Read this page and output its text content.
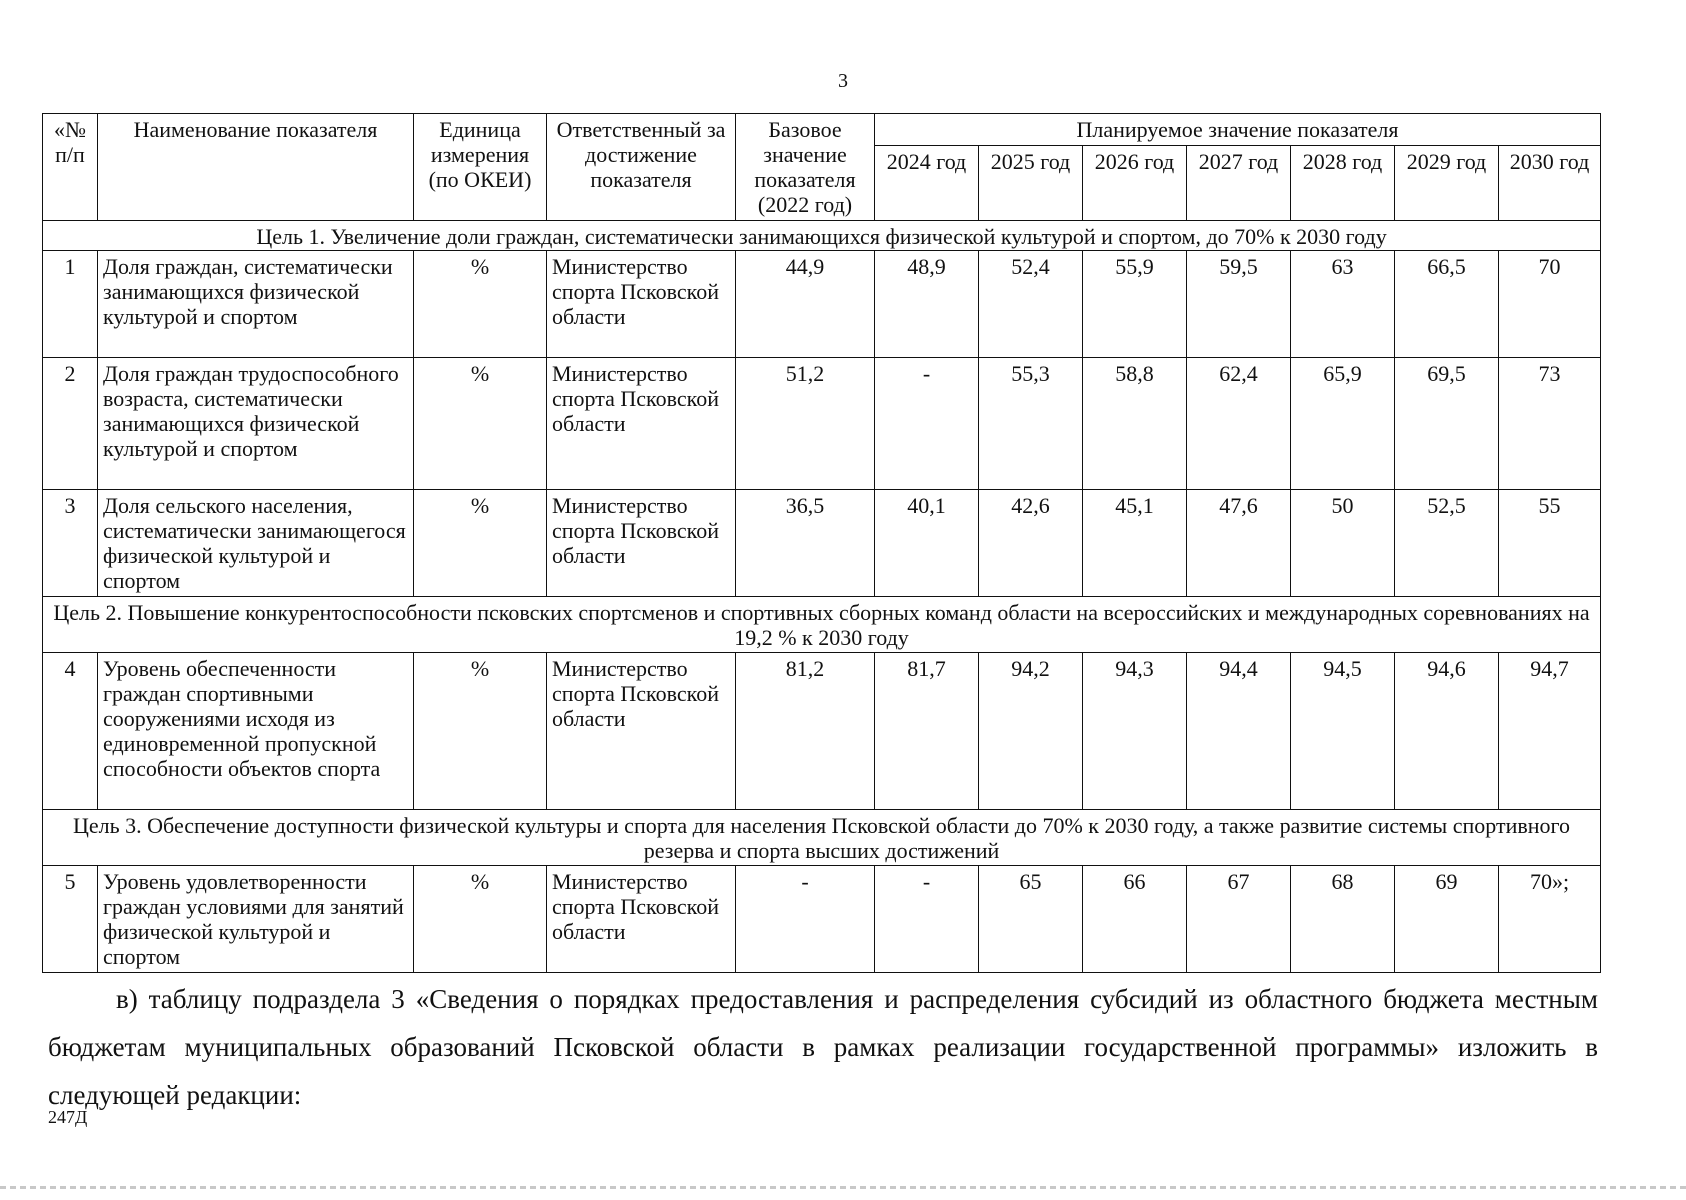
3
«№ п/п	Наименование показателя	Единица измерения (по ОКЕИ)	Ответственный за достижение показателя	Базовое значение показателя (2022 год)	Планируемое значение показателя						
					2024 год	2025 год	2026 год	2027 год	2028 год	2029 год	2030 год
Цель 1. Увеличение доли граждан, систематически занимающихся физической культурой и спортом, до 70% к 2030 году											
1	Доля граждан, систематически занимающихся физической культурой и спортом	%	Министерство спорта Псковской области	44,9	48,9	52,4	55,9	59,5	63	66,5	70
2	Доля граждан трудоспособного возраста, систематически занимающихся физической культурой и спортом	%	Министерство спорта Псковской области	51,2	-	55,3	58,8	62,4	65,9	69,5	73
3	Доля сельского населения, систематически занимающегося физической культурой и спортом	%	Министерство спорта Псковской области	36,5	40,1	42,6	45,1	47,6	50	52,5	55
Цель 2. Повышение конкурентоспособности псковских спортсменов и спортивных сборных команд области на всероссийских и международных соревнованиях на 19,2 % к 2030 году											
4	Уровень обеспеченности граждан спортивными сооружениями исходя из единовременной пропускной способности объектов спорта	%	Министерство спорта Псковской области	81,2	81,7	94,2	94,3	94,4	94,5	94,6	94,7
Цель 3. Обеспечение доступности физической культуры и спорта для населения Псковской области до 70% к 2030 году, а также развитие системы спортивного резерва и спорта высших достижений											
5	Уровень удовлетворенности граждан условиями для занятий физической культурой и спортом	%	Министерство спорта Псковской области	-	-	65	66	67	68	69	70»;
в) таблицу подраздела 3 «Сведения о порядках предоставления и распределения субсидий из областного бюджета местным бюджетам муниципальных образований Псковской области в рамках реализации государственной программы» изложить в следующей редакции:
247Д
